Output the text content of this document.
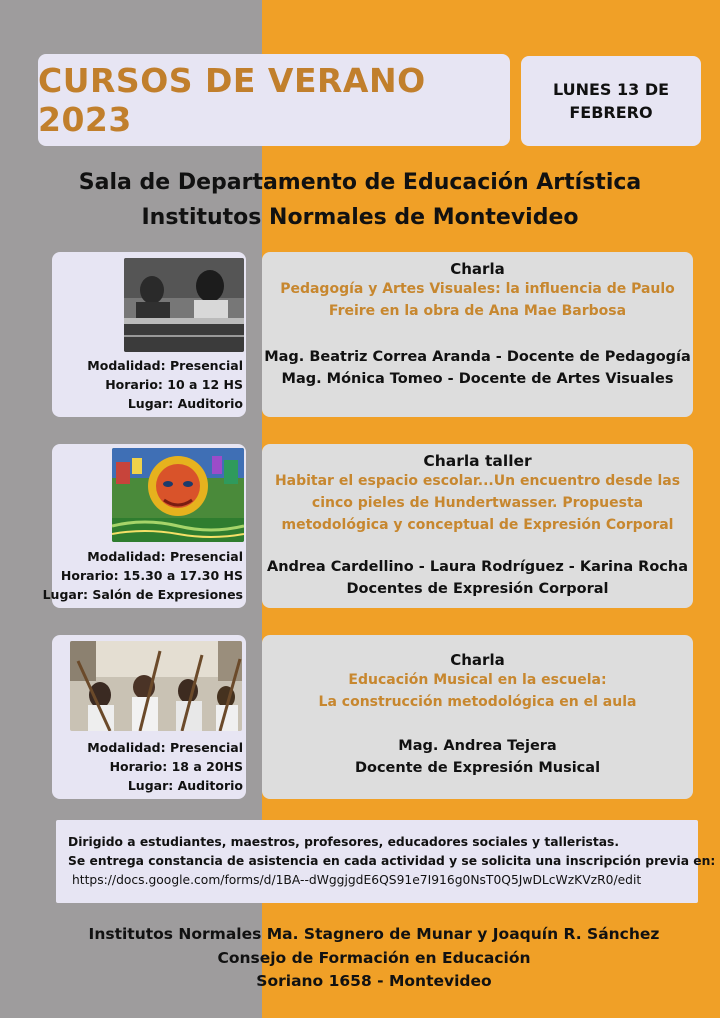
CURSOS DE VERANO 2023
LUNES 13 DE
FEBRERO
Sala de Departamento de Educación Artística
Institutos Normales de Montevideo
Modalidad: Presencial
Horario: 10 a 12 HS
Lugar: Auditorio
Charla
Pedagogía y Artes Visuales: la influencia de Paulo
Freire en la obra de Ana Mae Barbosa
Mag. Beatriz Correa Aranda - Docente de Pedagogía
Mag. Mónica Tomeo - Docente de Artes Visuales
Modalidad: Presencial
Horario: 15.30 a 17.30 HS
Lugar: Salón de Expresiones
Charla taller
Habitar el espacio escolar...Un encuentro desde las
cinco pieles de Hundertwasser. Propuesta
metodológica y conceptual de Expresión Corporal
Andrea Cardellino - Laura Rodríguez - Karina Rocha
Docentes de Expresión Corporal
Modalidad: Presencial
Horario: 18 a 20HS
Lugar: Auditorio
Charla
Educación Musical en la escuela:
La construcción metodológica en el aula
Mag. Andrea Tejera
Docente de Expresión Musical
Dirigido a estudiantes, maestros, profesores, educadores sociales y talleristas.
Se entrega constancia de asistencia en cada actividad y se solicita una inscripción previa en:
https://docs.google.com/forms/d/1BA--dWggjgdE6QS91e7I916g0NsT0Q5JwDLcWzKVzR0/edit
Institutos Normales Ma. Stagnero de Munar y Joaquín R. Sánchez
Consejo de Formación en Educación
Soriano 1658 - Montevideo
